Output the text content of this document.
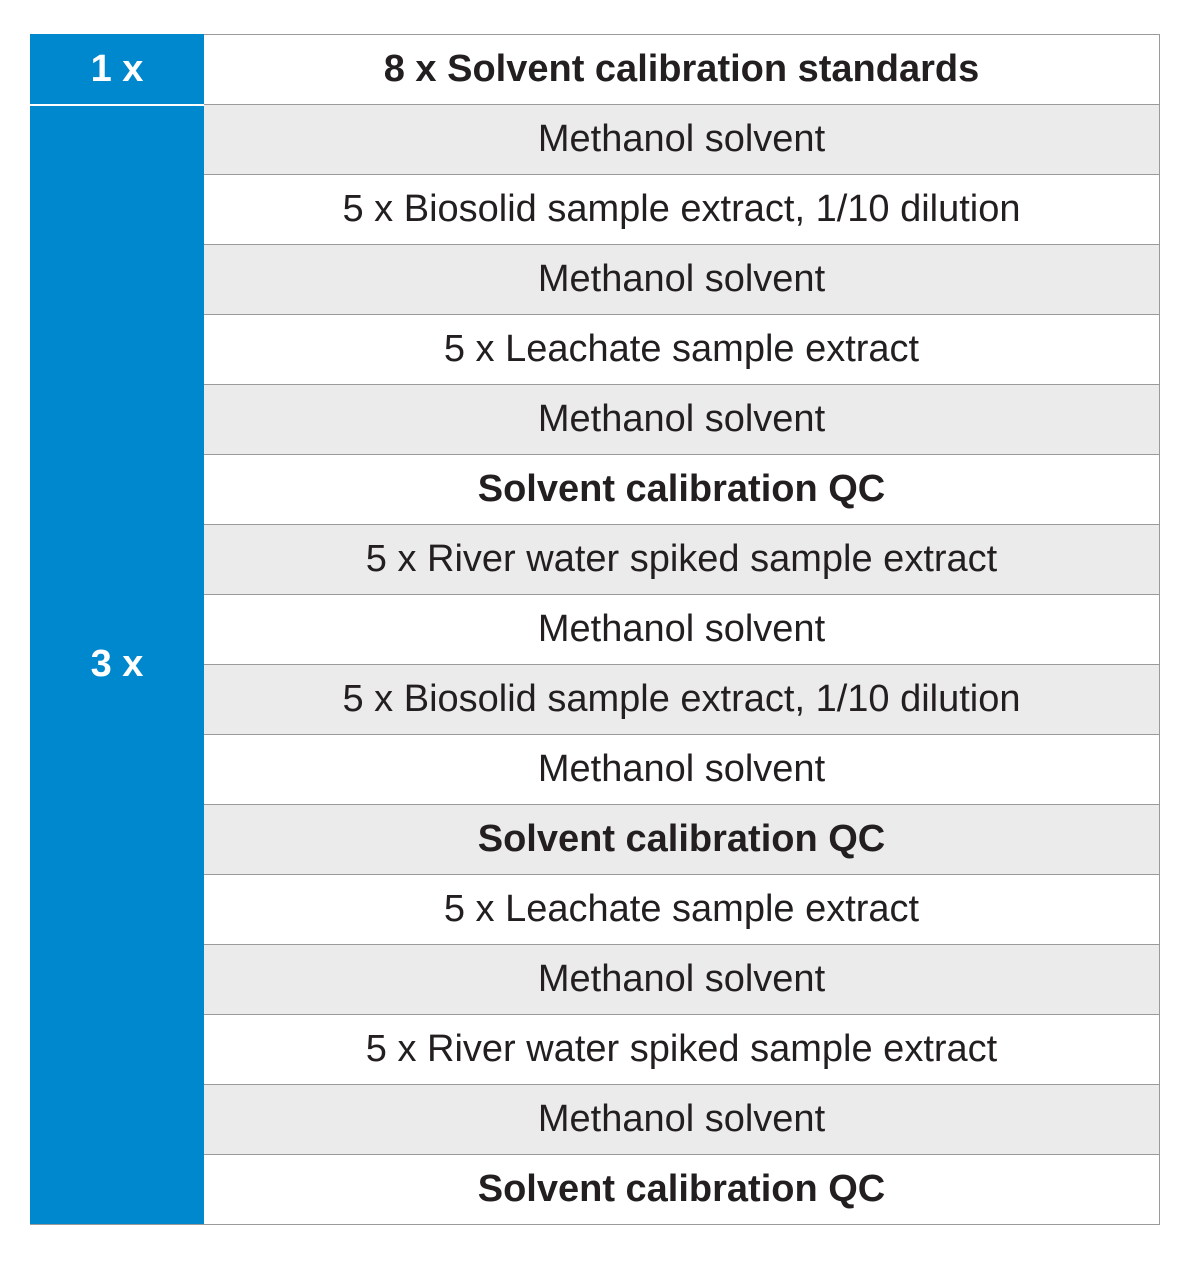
1 x	8 x Solvent calibration standards
3 x	Methanol solvent
	5 x Biosolid sample extract, 1/10 dilution
	Methanol solvent
	5 x Leachate sample extract
	Methanol solvent
	Solvent calibration QC
	5 x River water spiked sample extract
	Methanol solvent
	5 x Biosolid sample extract, 1/10 dilution
	Methanol solvent
	Solvent calibration QC
	5 x Leachate sample extract
	Methanol solvent
	5 x River water spiked sample extract
	Methanol solvent
	Solvent calibration QC
